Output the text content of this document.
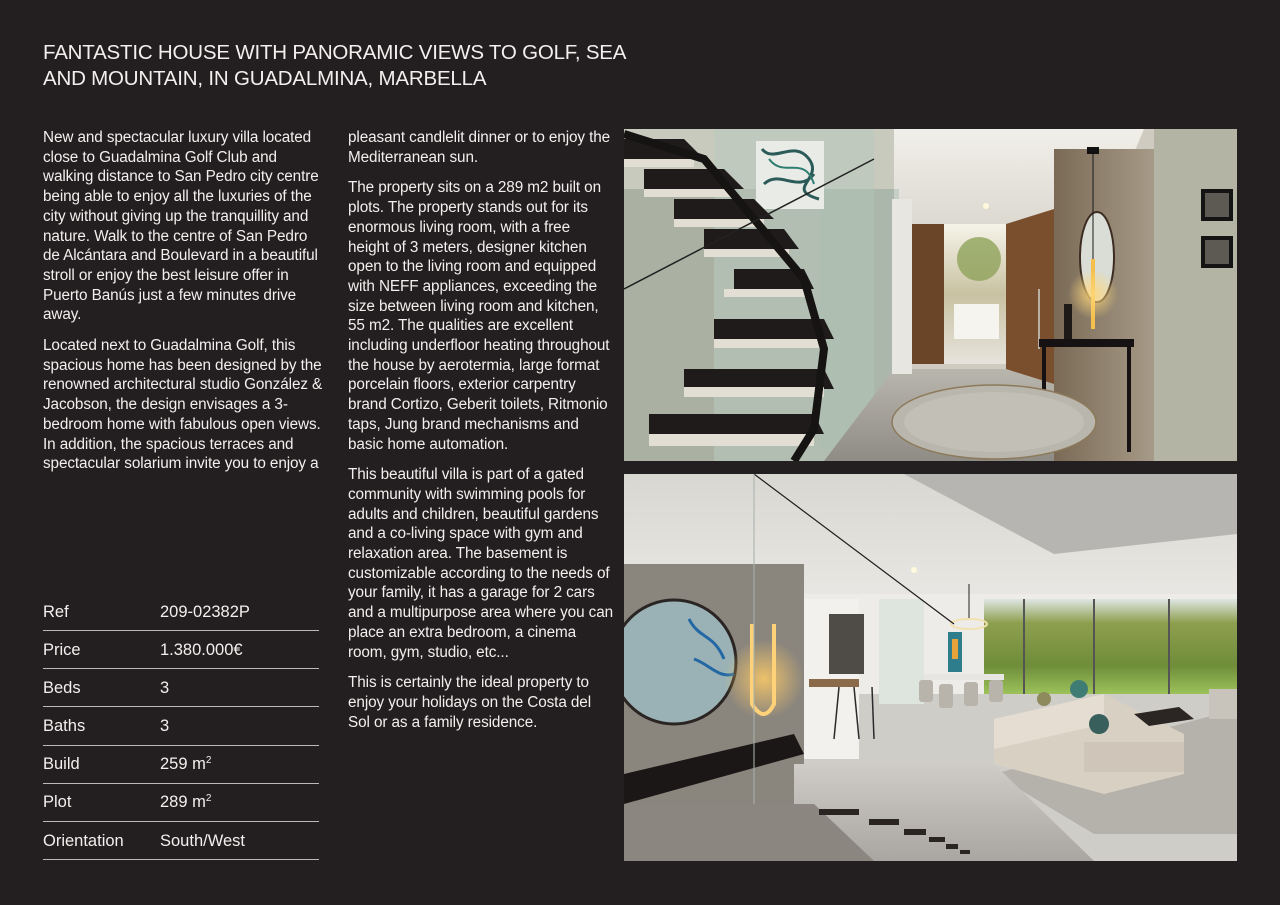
FANTASTIC HOUSE WITH PANORAMIC VIEWS TO GOLF, SEA AND MOUNTAIN, IN GUADALMINA, MARBELLA

New and spectacular luxury villa located close to Guadalmina Golf Club and walking distance to San Pedro city centre being able to enjoy all the luxuries of the city without giving up the tranquillity and nature. Walk to the centre of San Pedro de Alcántara and Boulevard in a beautiful stroll or enjoy the best leisure offer in Puerto Banús just a few minutes drive away.

Located next to Guadalmina Golf, this spacious home has been designed by the renowned architectural studio González & Jacobson, the design envisages a 3-bedroom home with fabulous open views. In addition, the spacious terraces and spectacular solarium invite you to enjoy a

pleasant candlelit dinner or to enjoy the Mediterranean sun.

The property sits on a 289 m2 built on plots. The property stands out for its enormous living room, with a free height of 3 meters, designer kitchen open to the living room and equipped with NEFF appliances, exceeding the size between living room and kitchen, 55 m2. The qualities are excellent including underfloor heating throughout the house by aerotermia, large format porcelain floors, exterior carpentry brand Cortizo, Geberit toilets, Ritmonio taps, Jung brand mechanisms and basic home automation.

This beautiful villa is part of a gated community with swimming pools for adults and children, beautiful gardens and a co-living space with gym and relaxation area. The basement is customizable according to the needs of your family, it has a garage for 2 cars and a multipurpose area where you can place an extra bedroom, a cinema room, gym, studio, etc...

This is certainly the ideal property to enjoy your holidays on the Costa del Sol or as a family residence.

Ref	209-02382P
Price	1.380.000€
Beds	3
Baths	3
Build	259 $m^2$
Plot	289 $m^2$
Orientation	South/West
